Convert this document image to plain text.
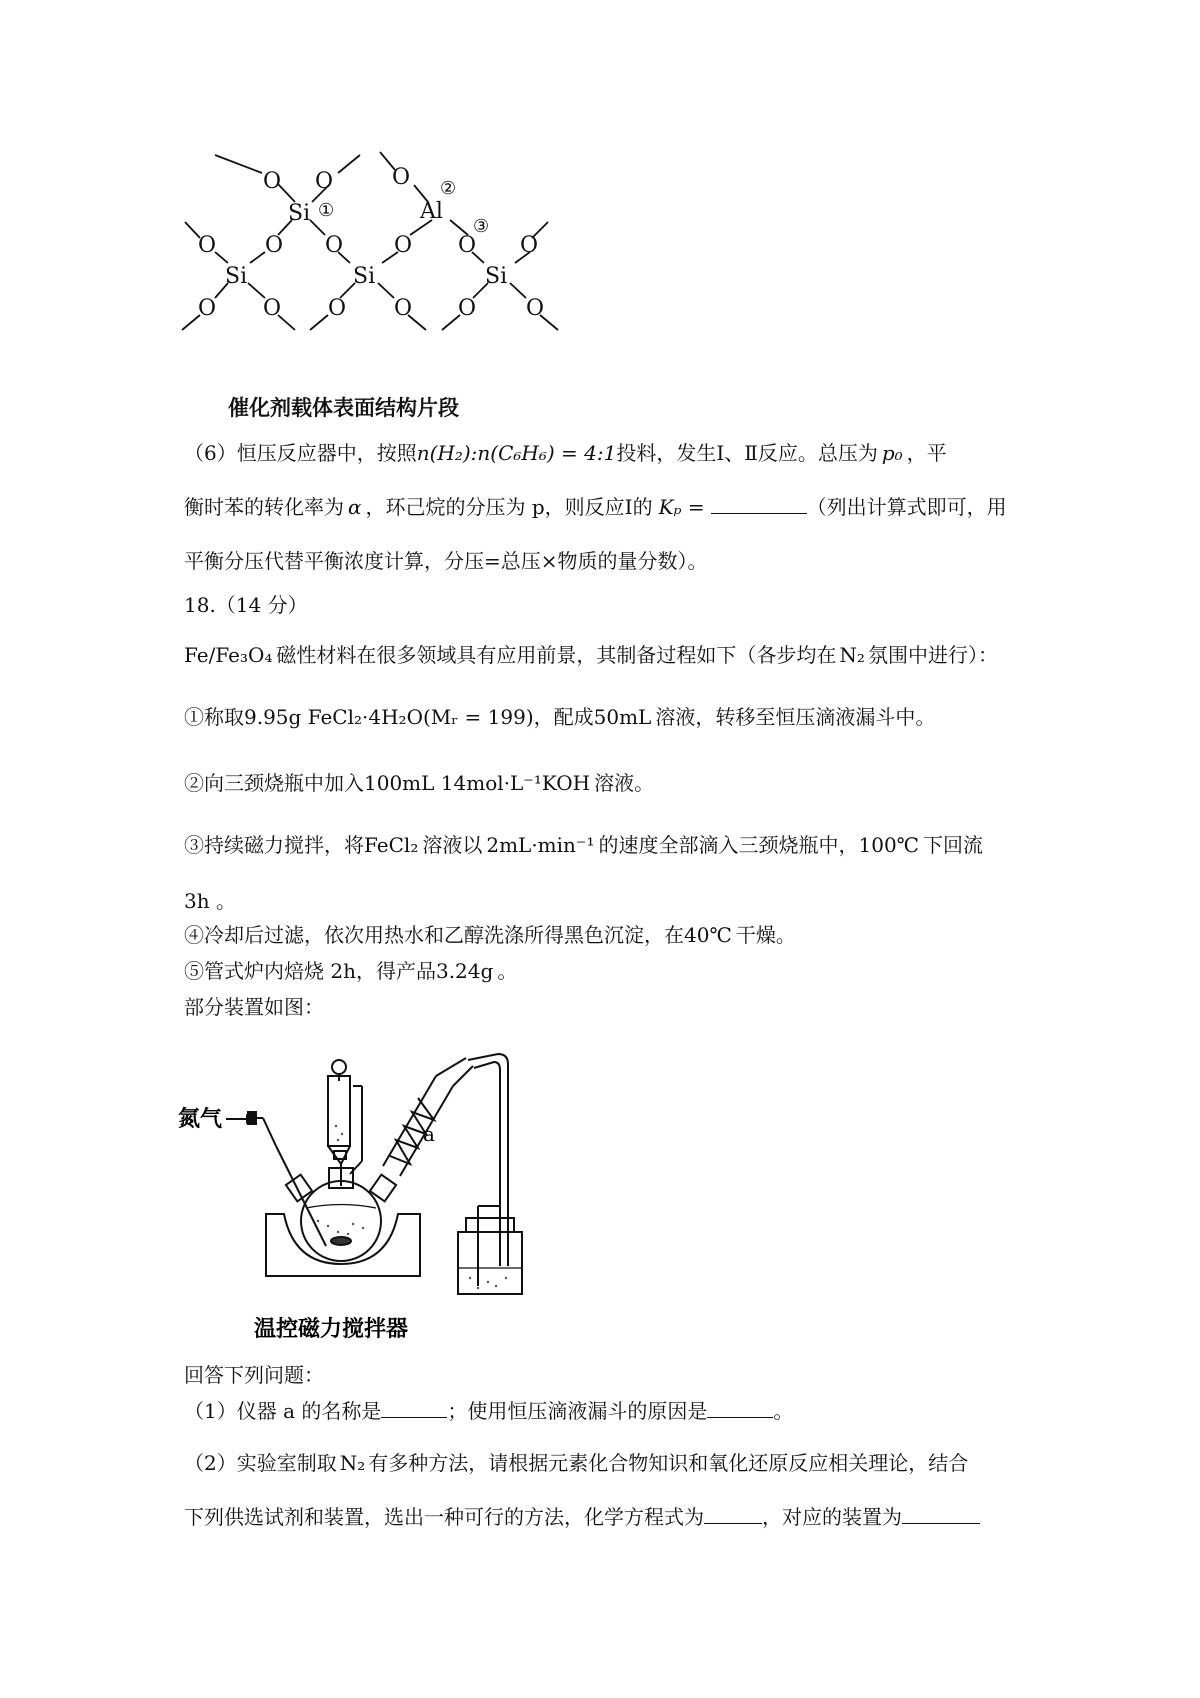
O O	O
Si ①	Al
②
O O O O O
③
O
Si	Si	Si
O O O O O O
催化剂载体表面结构片段
（6）恒压反应器中，按照n(H₂):n(C₆H₆) = 4:1投料，发生Ⅰ、Ⅱ反应。总压为 p₀ ，平
衡时苯的转化率为 α ，环己烷的分压为 p，则反应Ⅰ的 Kₚ =	（列出计算式即可，用
平衡分压代替平衡浓度计算，分压=总压×物质的量分数）。
18.（14 分）
Fe/Fe₃O₄ 磁性材料在很多领域具有应用前景，其制备过程如下（各步均在 N₂ 氛围中进行）：
①称取9.95g FeCl₂·4H₂O(Mᵣ = 199)，配成50mL 溶液，转移至恒压滴液漏斗中。
②向三颈烧瓶中加入100mL 14mol·L⁻¹KOH 溶液。
③持续磁力搅拌，将FeCl₂ 溶液以 2mL·min⁻¹ 的速度全部滴入三颈烧瓶中，100℃ 下回流
3h 。
④冷却后过滤，依次用热水和乙醇洗涤所得黑色沉淀，在40℃ 干燥。
⑤管式炉内焙烧 2h，得产品3.24g 。
部分装置如图：
氮气
a
温控磁力搅拌器
回答下列问题：
（1）仪器 a 的名称是	；使用恒压滴液漏斗的原因是	。
（2）实验室制取 N₂ 有多种方法，请根据元素化合物知识和氧化还原反应相关理论，结合
下列供选试剂和装置，选出一种可行的方法，化学方程式为	，对应的装置为
